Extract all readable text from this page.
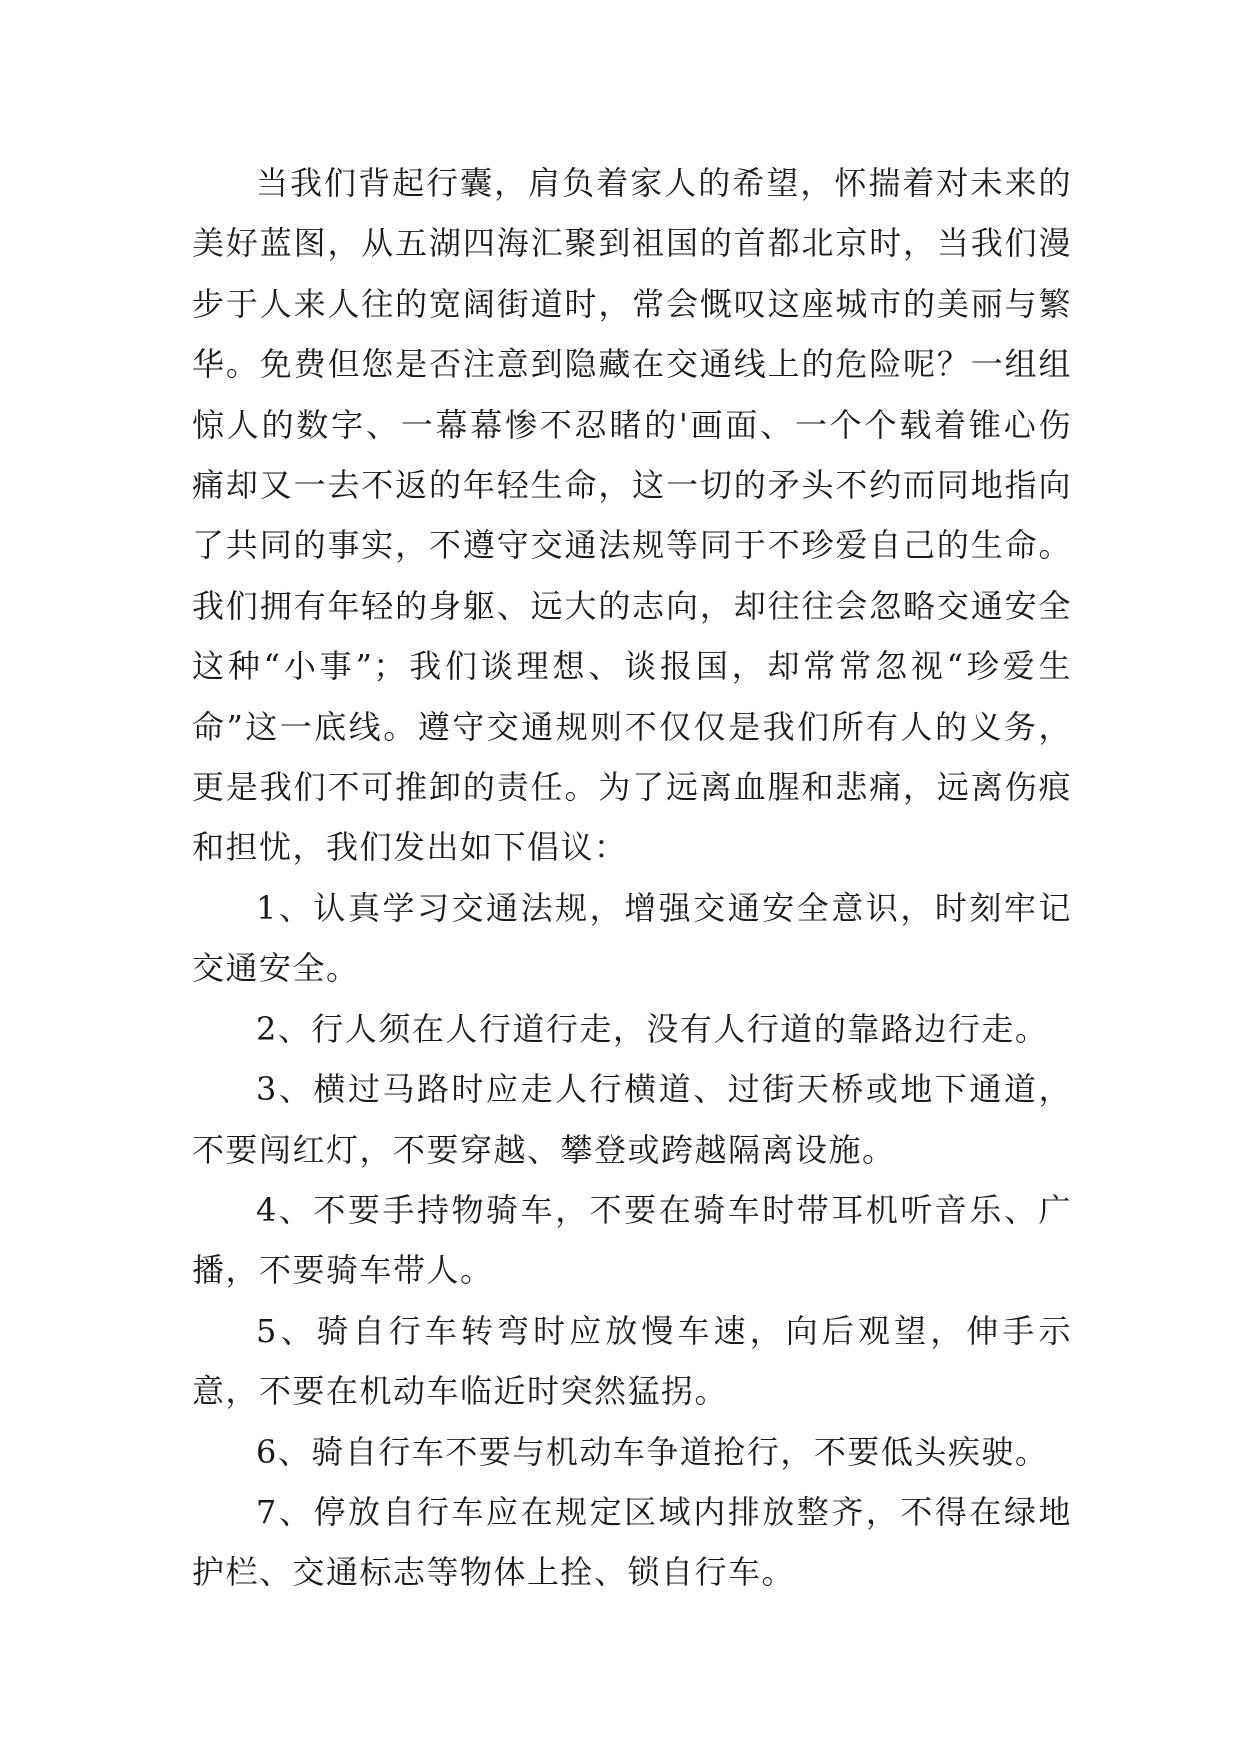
当我们背起行囊，肩负着家人的希望，怀揣着对未来的美好蓝图，从五湖四海汇聚到祖国的首都北京时，当我们漫步于人来人往的宽阔街道时，常会慨叹这座城市的美丽与繁华。免费但您是否注意到隐藏在交通线上的危险呢？一组组惊人的数字、一幕幕惨不忍睹的'画面、一个个载着锥心伤痛却又一去不返的年轻生命，这一切的矛头不约而同地指向了共同的事实，不遵守交通法规等同于不珍爱自己的生命。我们拥有年轻的身躯、远大的志向，却往往会忽略交通安全这种“小事”；我们谈理想、谈报国，却常常忽视“珍爱生命”这一底线。遵守交通规则不仅仅是我们所有人的义务，更是我们不可推卸的责任。为了远离血腥和悲痛，远离伤痕和担忧，我们发出如下倡议：

1、认真学习交通法规，增强交通安全意识，时刻牢记交通安全。

2、行人须在人行道行走，没有人行道的靠路边行走。

3、横过马路时应走人行横道、过街天桥或地下通道，不要闯红灯，不要穿越、攀登或跨越隔离设施。

4、不要手持物骑车，不要在骑车时带耳机听音乐、广播，不要骑车带人。

5、骑自行车转弯时应放慢车速，向后观望，伸手示意，不要在机动车临近时突然猛拐。

6、骑自行车不要与机动车争道抢行，不要低头疾驶。

7、停放自行车应在规定区域内排放整齐，不得在绿地护栏、交通标志等物体上拴、锁自行车。
